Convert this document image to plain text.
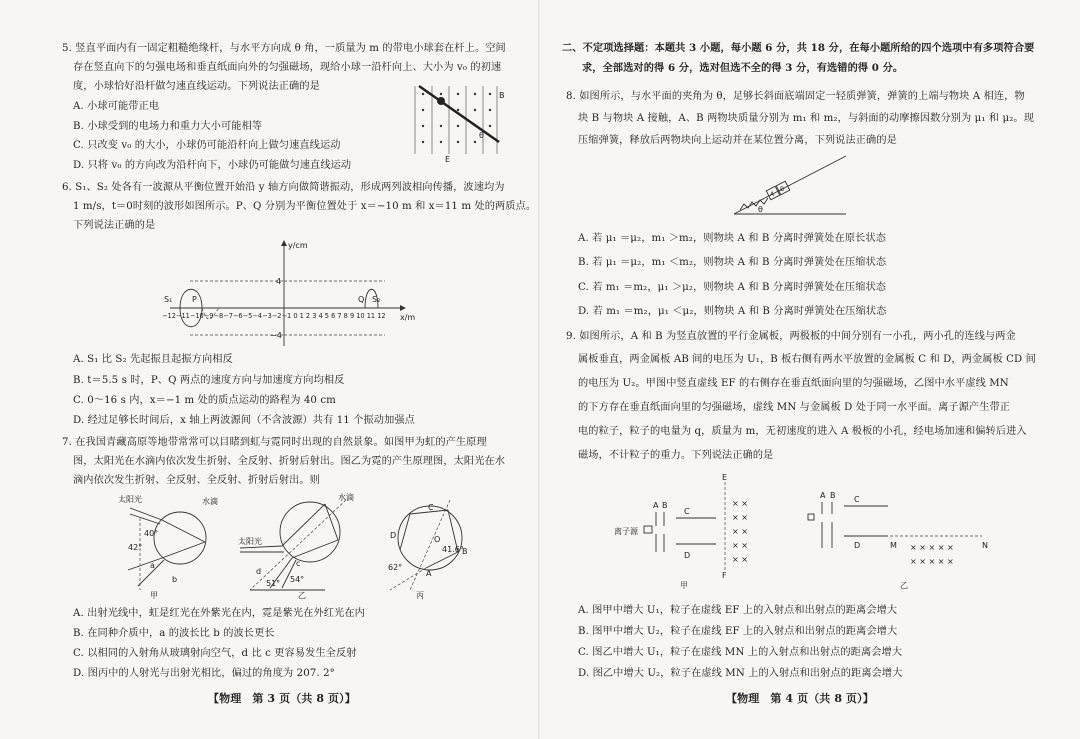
5. 竖直平面内有一固定粗糙绝缘杆，与水平方向成 θ 角，一质量为 m 的带电小球套在杆上。空间
存在竖直向下的匀强电场和垂直纸面向外的匀强磁场，现给小球一沿杆向上、大小为 v₀ 的初速
度，小球恰好沿杆做匀速直线运动。下列说法正确的是
A. 小球可能带正电
B. 小球受到的电场力和重力大小可能相等
C. 只改变 v₀ 的大小，小球仍可能沿杆向上做匀速直线运动
D. 只将 v₀ 的方向改为沿杆向下，小球仍可能做匀速直线运动
B
E
θ
6. S₁、S₂ 处各有一波源从平衡位置开始沿 y 轴方向做简谐振动，形成两列波相向传播，波速均为
1 m/s，t＝0时刻的波形如图所示。P、Q 分别为平衡位置处于 x＝−10 m 和 x＝11 m 处的两质点。
下列说法正确的是
y/cm
x/m
4
−4
S₁ P	Q S₂
−12−11−10−9−8−7−6−5−4−3−2−1 0 1 2 3 4 5 6 7 8 9 10 11 12
A. S₁ 比 S₂ 先起振且起振方向相反
B. t＝5.5 s 时，P、Q 两点的速度方向与加速度方向均相反
C. 0～16 s 内，x＝−1 m 处的质点运动的路程为 40 cm
D. 经过足够长时间后，x 轴上两波源间（不含波源）共有 11 个振动加强点
7. 在我国青藏高原等地带常常可以目睹到虹与霓同时出现的自然景象。如图甲为虹的产生原理
图，太阳光在水滴内依次发生折射、全反射、折射后射出。图乙为霓的产生原理图，太阳光在水
滴内依次发生折射、全反射、全反射、折射后射出。则
太阳光	水滴
40°
42°
a
b
甲
水滴
太阳光
c
d
51° 54°
乙
C
D	O
41.6°
B
62°
A
丙
A. 出射光线中，虹是红光在外紫光在内，霓是紫光在外红光在内
B. 在同种介质中，a 的波长比 b 的波长更长
C. 以相同的入射角从玻璃射向空气，d 比 c 更容易发生全反射
D. 图丙中的人射光与出射光相比，偏过的角度为 207. 2°
【物理　第 3 页（共 8 页）】
二、不定项选择题：本题共 3 小题，每小题 6 分，共 18 分，在每小题所给的四个选项中有多项符合要
求，全部选对的得 6 分，选对但选不全的得 3 分，有选错的得 0 分。
8. 如图所示，与水平面的夹角为 θ，足够长斜面底端固定一轻质弹簧，弹簧的上端与物块 A 相连，物
块 B 与物块 A 接触，A、B 两物块质量分别为 m₁ 和 m₂，与斜面的动摩擦因数分别为 μ₁ 和 μ₂。现
压缩弹簧，释放后两物块向上运动并在某位置分离，下列说法正确的是
A
B
θ
A. 若 μ₁ ＝μ₂，m₁ ＞m₂，则物块 A 和 B 分离时弹簧处在原长状态
B. 若 μ₁ ＝μ₂，m₁ ＜m₂，则物块 A 和 B 分离时弹簧处在压缩状态
C. 若 m₁ ＝m₂，μ₁ ＞μ₂，则物块 A 和 B 分离时弹簧处在压缩状态
D. 若 m₁ ＝m₂，μ₁ ＜μ₂，则物块 A 和 B 分离时弹簧处在压缩状态
9. 如图所示，A 和 B 为竖直放置的平行金属板，两极板的中间分别有一小孔，两小孔的连线与两金
属板垂直，两金属板 AB 间的电压为 U₁，B 板右侧有两水平放置的金属板 C 和 D，两金属板 CD 间
的电压为 U₂。甲图中竖直虚线 EF 的右侧存在垂直纸面向里的匀强磁场，乙图中水平虚线 MN
的下方存在垂直纸面向里的匀强磁场，虚线 MN 与金属板 D 处于同一水平面。离子源产生带正
电的粒子，粒子的电量为 q，质量为 m，无初速度的进入 A 极板的小孔，经电场加速和偏转后进入
磁场，不计粒子的重力。下列说法正确的是
离子源
× ×
× ×
× ×
× ×
× ×
A B
C
D
E
F
甲
× × × × ×
× × × × ×
A B C
D	M	N
乙
A. 图甲中增大 U₁，粒子在虚线 EF 上的入射点和出射点的距离会增大
B. 图甲中增大 U₂，粒子在虚线 EF 上的入射点和出射点的距离会增大
C. 图乙中增大 U₁，粒子在虚线 MN 上的入射点和出射点的距离会增大
D. 图乙中增大 U₂，粒子在虚线 MN 上的入射点和出射点的距离会增大
【物理　第 4 页（共 8 页）】
